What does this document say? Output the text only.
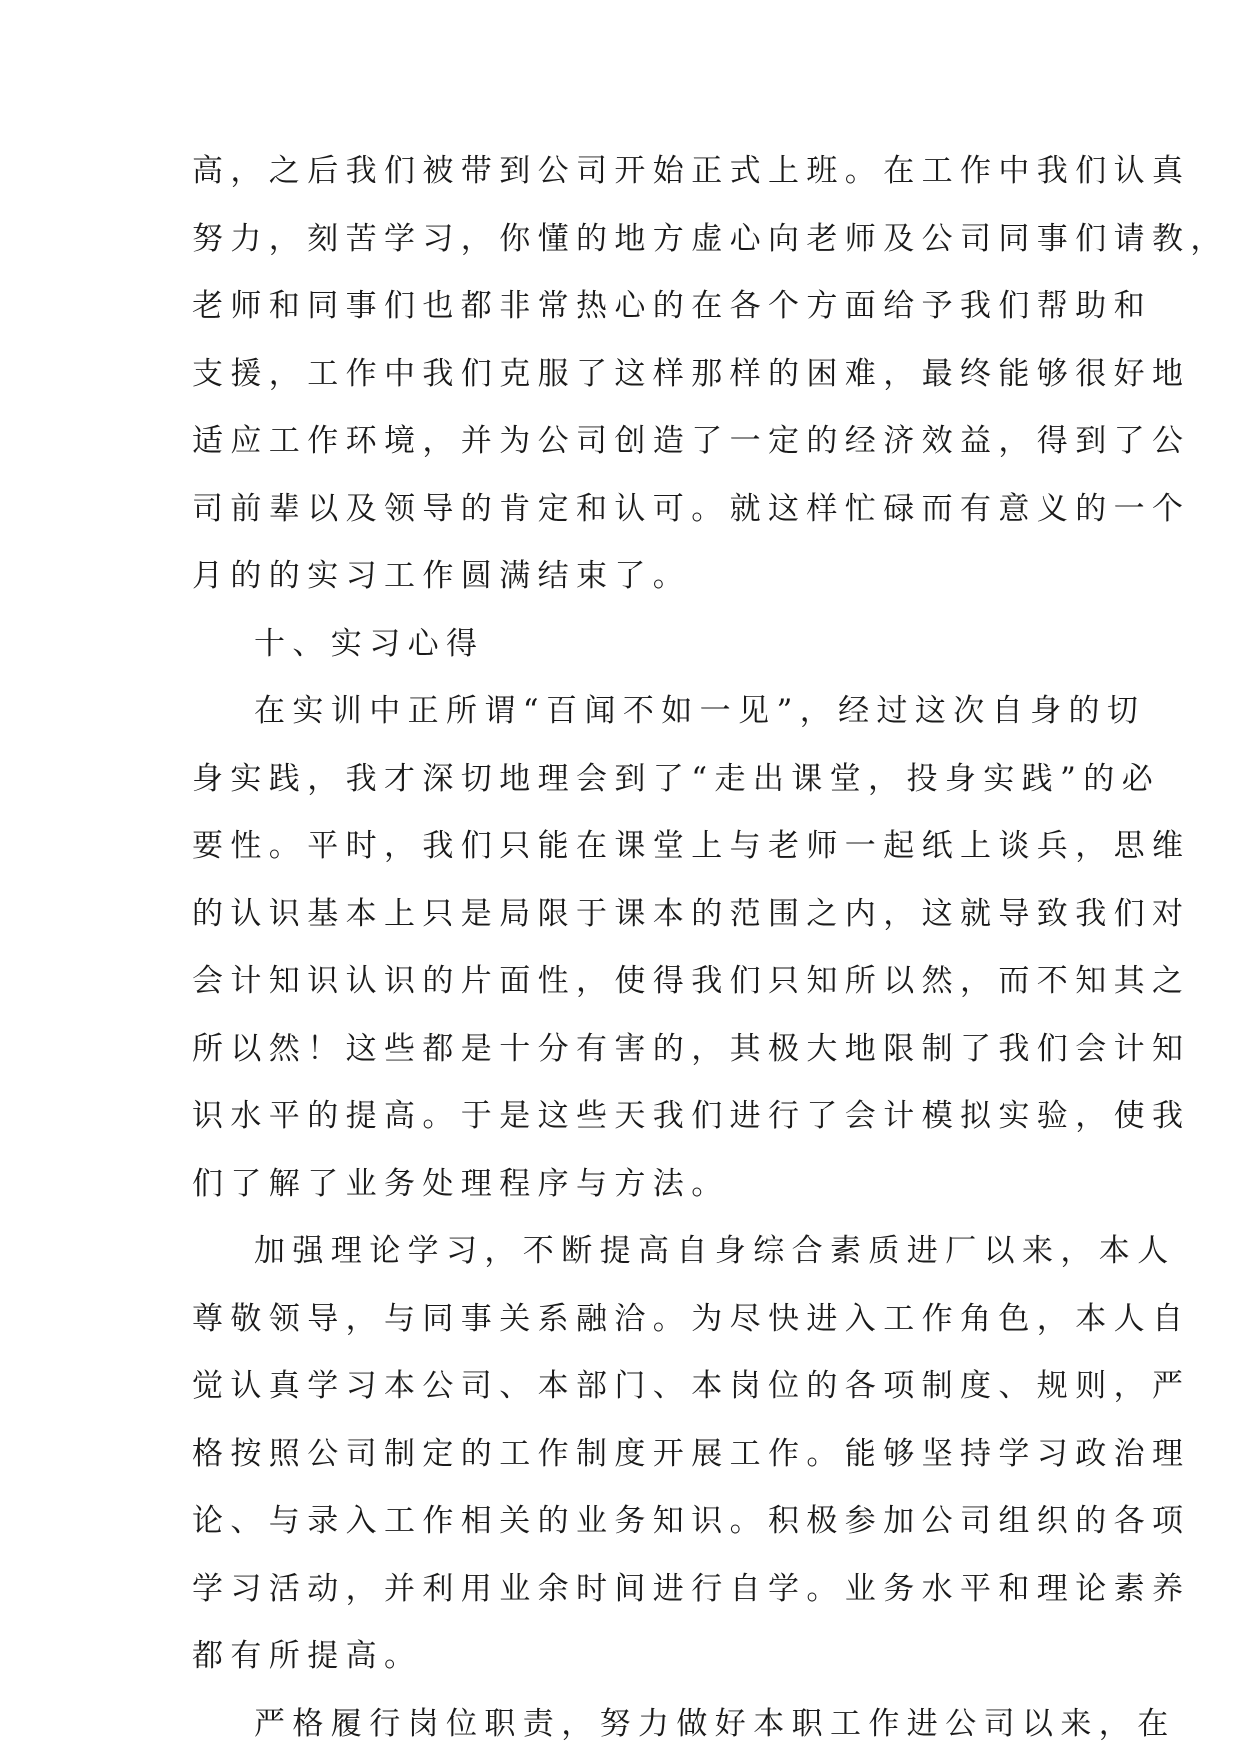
高，之后我们被带到公司开始正式上班。在工作中我们认真
努力，刻苦学习，你懂的地方虚心向老师及公司同事们请教，
老师和同事们也都非常热心的在各个方面给予我们帮助和
支援，工作中我们克服了这样那样的困难，最终能够很好地
适应工作环境，并为公司创造了一定的经济效益，得到了公
司前辈以及领导的肯定和认可。就这样忙碌而有意义的一个
月的的实习工作圆满结束了。

十、实习心得

在实训中正所谓“百闻不如一见”，经过这次自身的切
身实践，我才深切地理会到了“走出课堂，投身实践”的必
要性。平时，我们只能在课堂上与老师一起纸上谈兵，思维
的认识基本上只是局限于课本的范围之内，这就导致我们对
会计知识认识的片面性，使得我们只知所以然，而不知其之
所以然！这些都是十分有害的，其极大地限制了我们会计知
识水平的提高。于是这些天我们进行了会计模拟实验，使我
们了解了业务处理程序与方法。

加强理论学习，不断提高自身综合素质进厂以来，本人
尊敬领导，与同事关系融洽。为尽快进入工作角色，本人自
觉认真学习本公司、本部门、本岗位的各项制度、规则，严
格按照公司制定的工作制度开展工作。能够坚持学习政治理
论、与录入工作相关的业务知识。积极参加公司组织的各项
学习活动，并利用业余时间进行自学。业务水平和理论素养
都有所提高。

严格履行岗位职责，努力做好本职工作进公司以来，在
